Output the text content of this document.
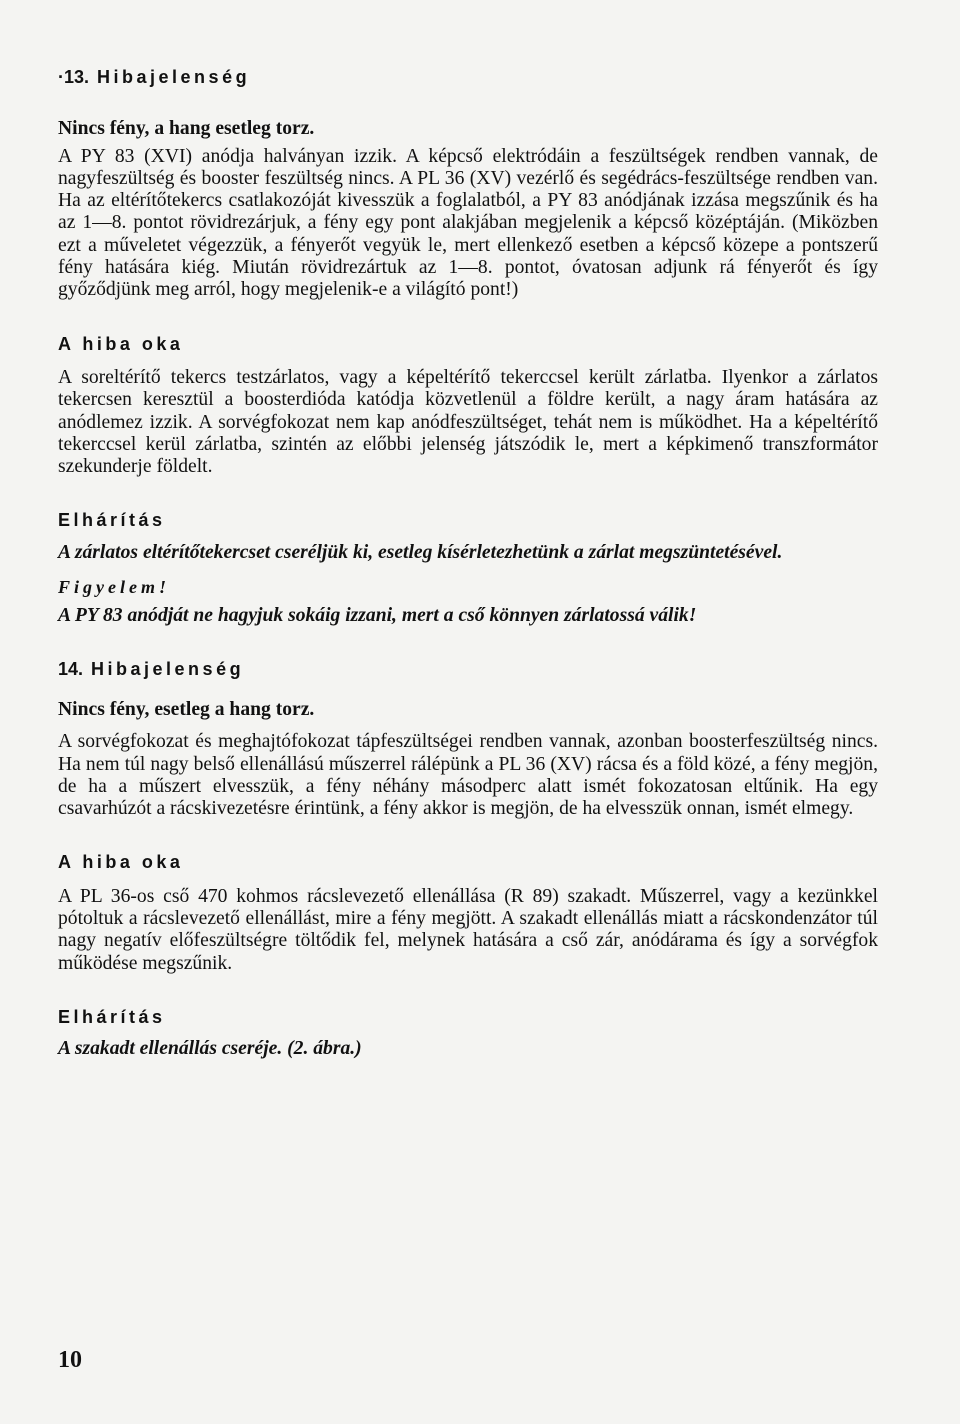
·13. Hibajelenség

Nincs fény, a hang esetleg torz.

A PY 83 (XVI) anódja halványan izzik. A képcső elektródáin a feszültségek rendben vannak, de nagyfeszültség és booster feszültség nincs. A PL 36 (XV) vezérlő és segédrács-feszültsége rendben van. Ha az eltérítőtekercs csatlakozóját kivesszük a foglalatból, a PY 83 anódjának izzása megszűnik és ha az 1—8. pontot rövidrezárjuk, a fény egy pont alakjában megjelenik a képcső középtáján. (Miközben ezt a műveletet végezzük, a fényerőt vegyük le, mert ellenkező esetben a képcső közepe a pontszerű fény hatására kiég. Miután rövidrezártuk az 1—8. pontot, óvatosan adjunk rá fényerőt és így győződjünk meg arról, hogy megjelenik-e a világító pont!)

A hiba oka

A soreltérítő tekercs testzárlatos, vagy a képeltérítő tekerccsel került zárlatba. Ilyenkor a zárlatos tekercsen keresztül a boosterdióda katódja közvetlenül a földre került, a nagy áram hatására az anódlemez izzik. A sorvégfokozat nem kap anódfeszültséget, tehát nem is működhet. Ha a képeltérítő tekerccsel kerül zárlatba, szintén az előbbi jelenség játszódik le, mert a képkimenő transzformátor szekunderje földelt.

Elhárítás

A zárlatos eltérítőtekercset cseréljük ki, esetleg kísérletezhetünk a zárlat megszüntetésével.

Figyelem!

A PY 83 anódját ne hagyjuk sokáig izzani, mert a cső könnyen zárlatossá válik!

14. Hibajelenség

Nincs fény, esetleg a hang torz.

A sorvégfokozat és meghajtófokozat tápfeszültségei rendben vannak, azonban boosterfeszültség nincs. Ha nem túl nagy belső ellenállású műszerrel rálépünk a PL 36 (XV) rácsa és a föld közé, a fény megjön, de ha a műszert elvesszük, a fény néhány másodperc alatt ismét fokozatosan eltűnik. Ha egy csavarhúzót a rácskivezetésre érintünk, a fény akkor is megjön, de ha elvesszük onnan, ismét elmegy.

A hiba oka

A PL 36-os cső 470 kohmos rácslevezető ellenállása (R 89) szakadt. Műszerrel, vagy a kezünkkel pótoltuk a rácslevezető ellenállást, mire a fény megjött. A szakadt ellenállás miatt a rácskondenzátor túl nagy negatív előfeszültségre töltődik fel, melynek hatására a cső zár, anódárama és így a sorvégfok működése megszűnik.

Elhárítás

A szakadt ellenállás cseréje. (2. ábra.)

10
